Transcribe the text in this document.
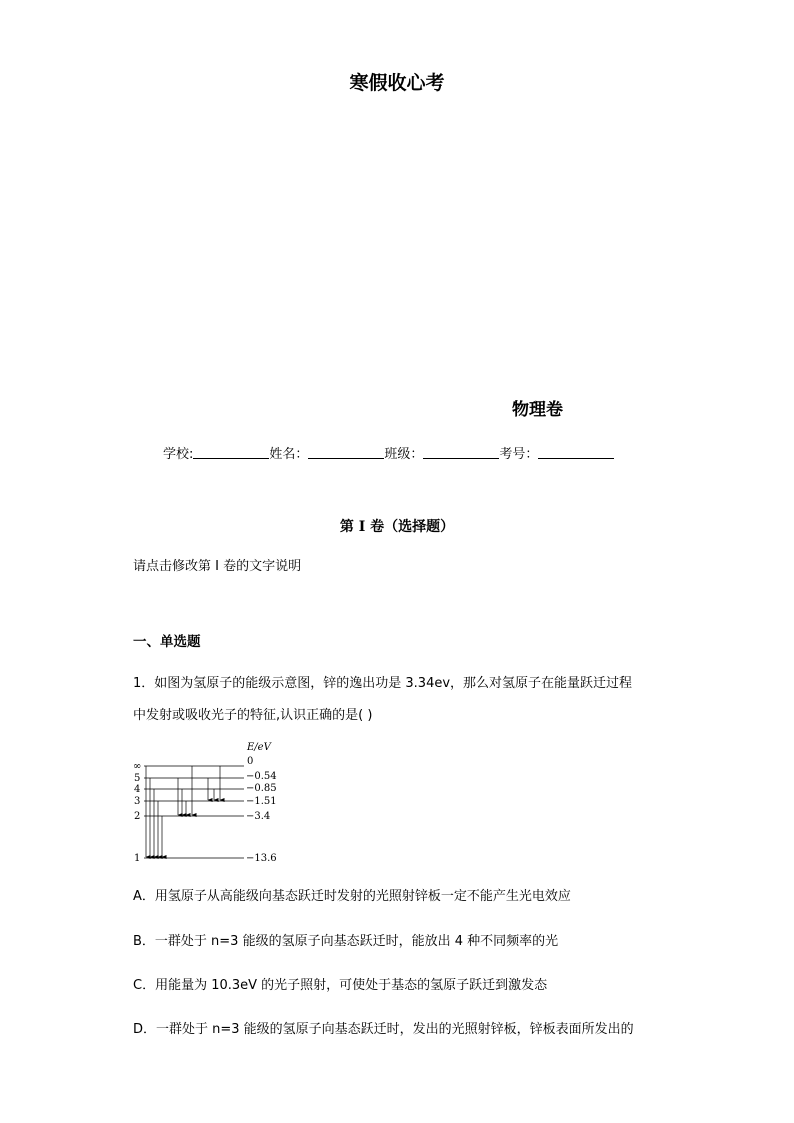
寒假收心考
物理卷
学校:	姓名：	班级：	考号：
第 I 卷（选择题）
请点击修改第 I 卷的文字说明
一、单选题
1．如图为氢原子的能级示意图，锌的逸出功是 3.34ev，那么对氢原子在能量跃迁过程
中发射或吸收光子的特征,认识正确的是( )
E/eV
∞
5
4
3
2
1
0
−0.54
−0.85
−1.51
−3.4
−13.6
A．用氢原子从高能级向基态跃迁时发射的光照射锌板一定不能产生光电效应
B．一群处于 n=3 能级的氢原子向基态跃迁时，能放出 4 种不同频率的光
C．用能量为 10.3eV 的光子照射，可使处于基态的氢原子跃迁到激发态
D．一群处于 n=3 能级的氢原子向基态跃迁时，发出的光照射锌板，锌板表面所发出的
